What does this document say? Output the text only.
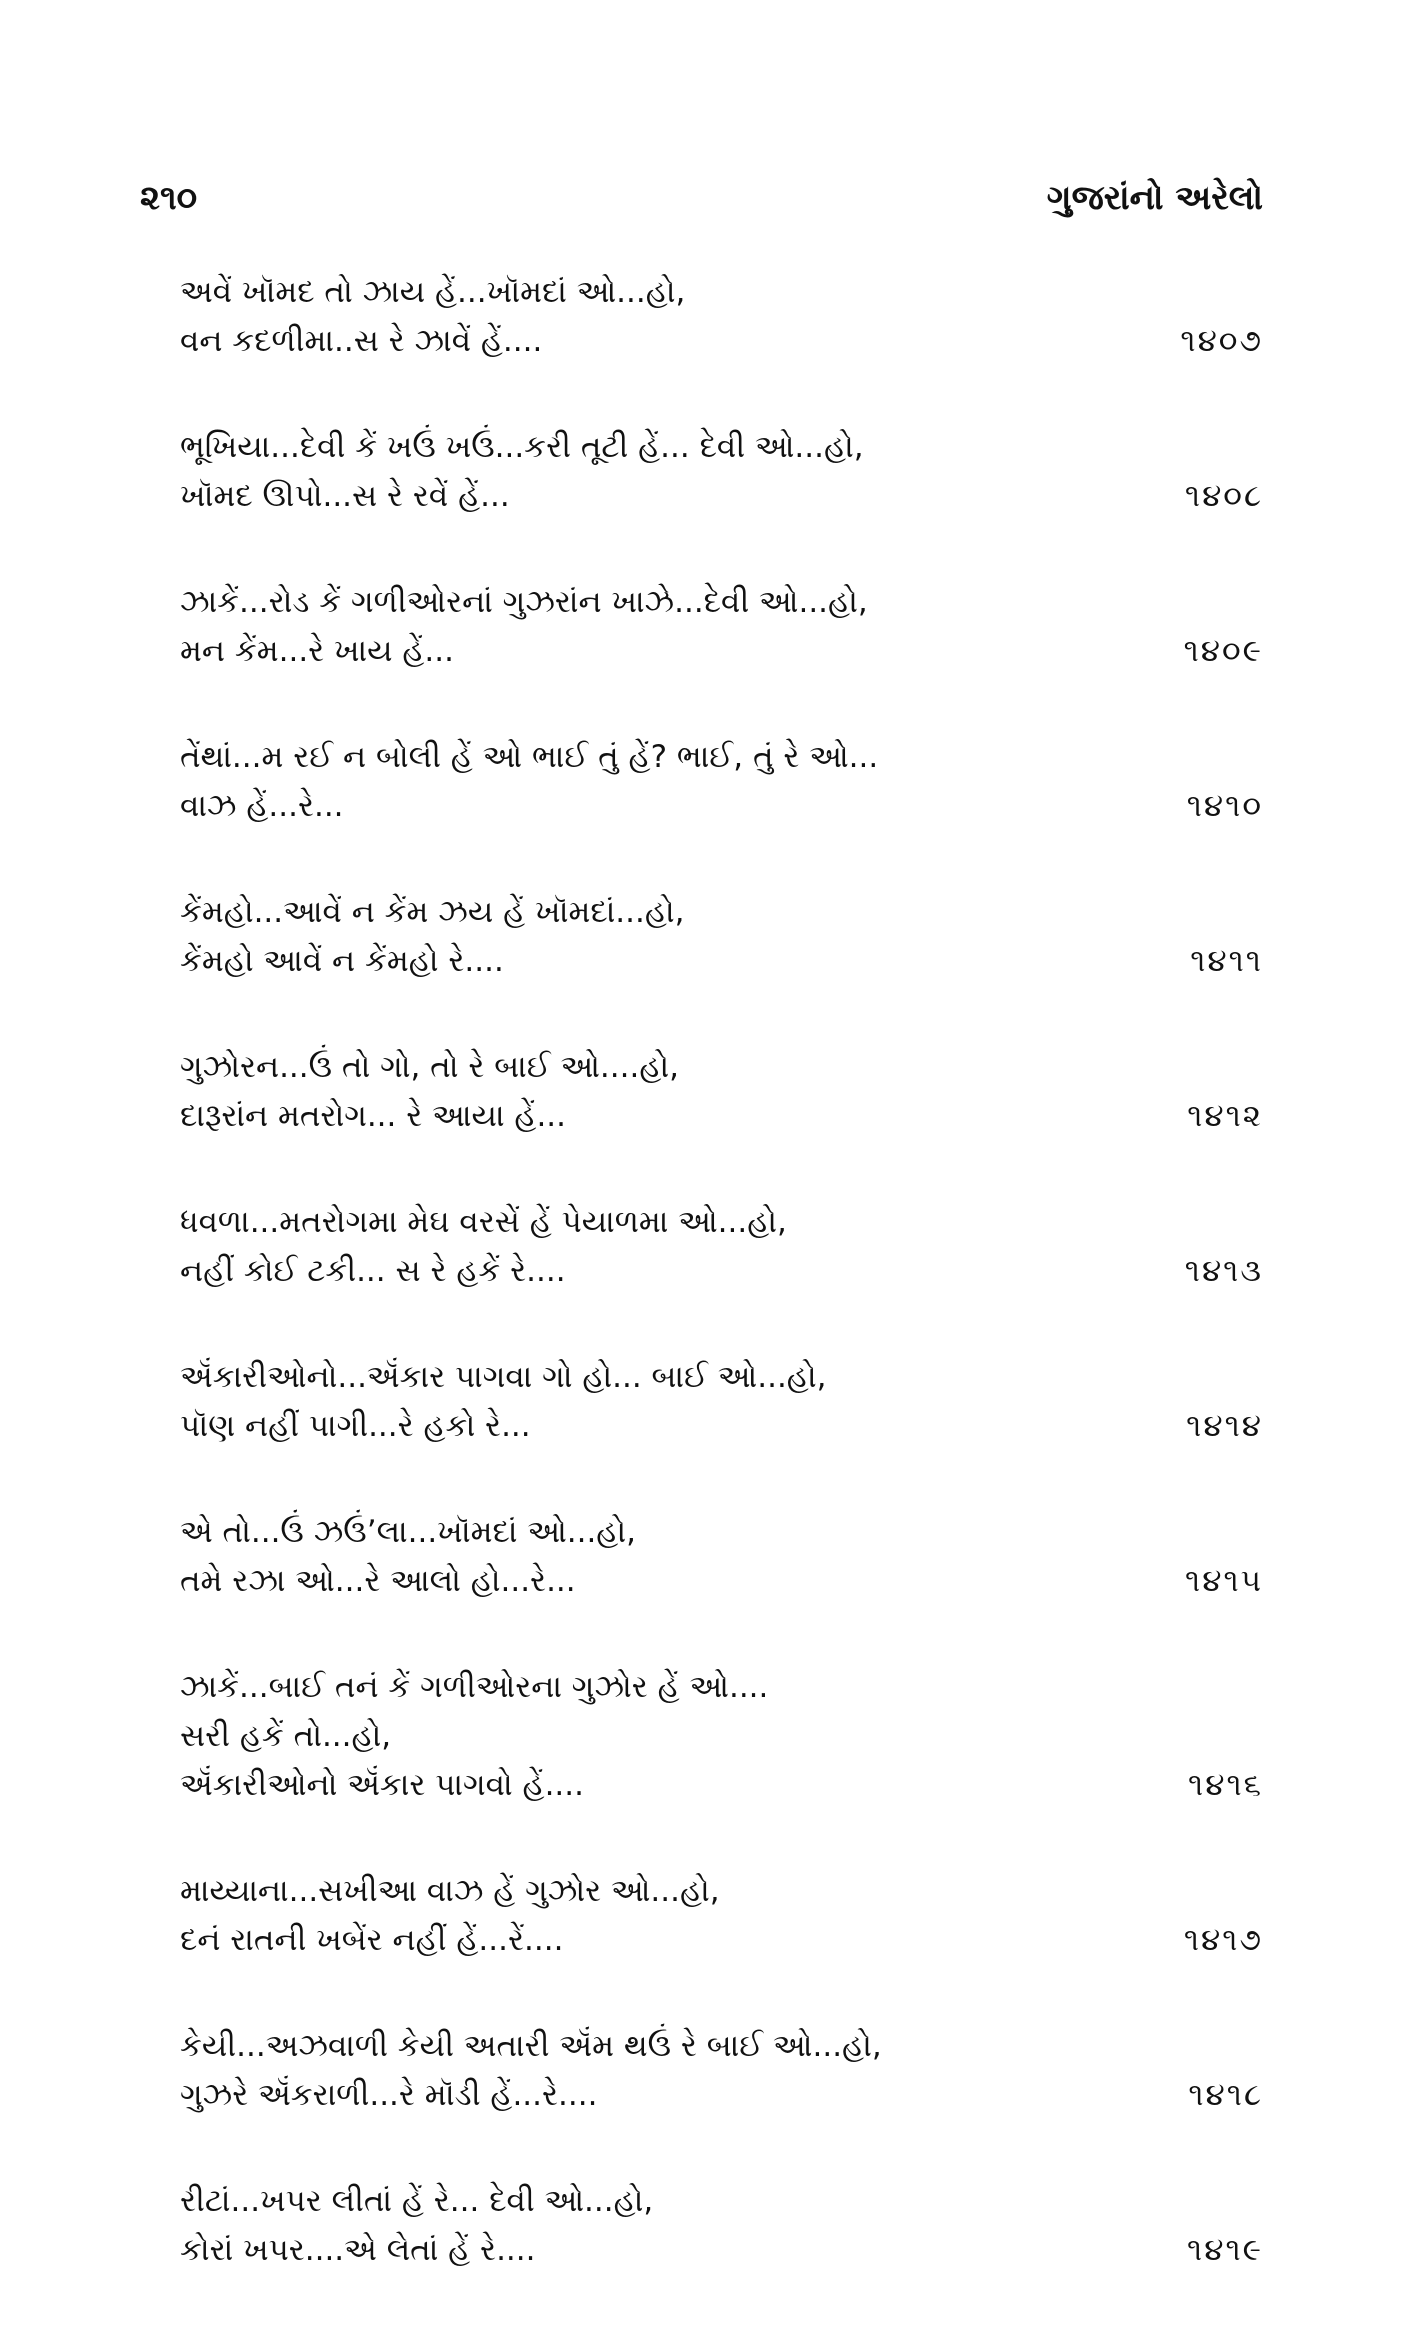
૨૧૦	ગુજરાંનો અરેલો
અવેં ખૉમદ તો ઝાય હેં...ખૉમદાં ઓ...હો,
વન કદળીમા..સ રે ઝાવેં હેં....	૧૪૦૭
ભૂખિયા...દેવી કેં ખઉં ખઉં...કરી તૂટી હેં... દેવી ઓ...હો,
ખૉમદ ઊપો...સ રે રવેં હેં...	૧૪૦૮
ઝાકેં...રોડ કેં ગળીઓરનાં ગુઝરાંન ખાઝે...દેવી ઓ...હો,
મન કેંમ...રે ખાય હેં...	૧૪૦૯
તેંથાં...મ રઈ ન બોલી હેં ઓ ભાઈ તું હેં? ભાઈ, તું રે ઓ...
વાઝ હેં...રે...	૧૪૧૦
કેંમહો...આવેં ન કેંમ ઝય હેં ખૉમદાં...હો,
કેંમહો આવેં ન કેંમહો રે....	૧૪૧૧
ગુઝોરન...ઉં તો ગો, તો રે બાઈ ઓ....હો,
દારૂરાંન મતરોગ... રે આયા હેં...	૧૪૧૨
ધવળા...મતરોગમા મેઘ વરસેં હેં પેયાળમા ઓ...હો,
નહીં કોઈ ટકી... સ રે હકેં રે....	૧૪૧૩
ઍંકારીઓનો...ઍંકાર પાગવા ગો હો... બાઈ ઓ...હો,
પૉણ નહીં પાગી...રે હકો રે...	૧૪૧૪
એ તો...ઉં ઝઉં’લા...ખૉમદાં ઓ...હો,
તમે રઝા ઓ...રે આલો હો...રે...	૧૪૧૫
ઝાકેં...બાઈ તનં કેં ગળીઓરના ગુઝોર હેં ઓ....
સરી હકેં તો...હો,
ઍંકારીઓનો ઍંકાર પાગવો હેં....	૧૪૧૬
માય્યાના...સખીઆ વાઝ હેં ગુઝોર ઓ...હો,
દનં રાતની ખબેંર નહીં હેં...રેં....	૧૪૧૭
કેયી...અઝવાળી કેયી અતારી ઍંમ થઉં રે બાઈ ઓ...હો,
ગુઝરે ઍંકરાળી...રે મૉડી હેં...રે....	૧૪૧૮
રીટાં...ખપર લીતાં હેં રે... દેવી ઓ...હો,
કોરાં ખપર....એ લેતાં હેં રે....	૧૪૧૯
